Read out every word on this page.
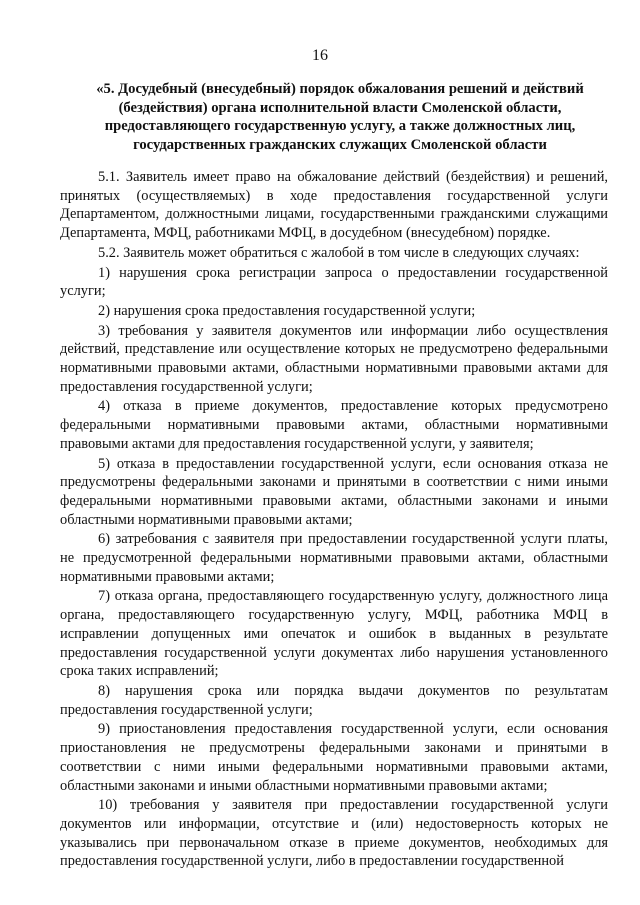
16
«5. Досудебный (внесудебный) порядок обжалования решений и действий
(бездействия) органа исполнительной власти Смоленской области,
предоставляющего государственную услугу, а также должностных лиц,
государственных гражданских служащих Смоленской области

5.1. Заявитель имеет право на обжалование действий (бездействия) и решений, принятых (осуществляемых) в ходе предоставления государственной услуги Департаментом, должностными лицами, государственными гражданскими служащими Департамента, МФЦ, работниками МФЦ, в досудебном (внесудебном) порядке.

5.2. Заявитель может обратиться с жалобой в том числе в следующих случаях:

1) нарушения срока регистрации запроса о предоставлении государственной услуги;

2) нарушения срока предоставления государственной услуги;

3) требования у заявителя документов или информации либо осуществления действий, представление или осуществление которых не предусмотрено федеральными нормативными правовыми актами, областными нормативными правовыми актами для предоставления государственной услуги;

4) отказа в приеме документов, предоставление которых предусмотрено федеральными нормативными правовыми актами, областными нормативными правовыми актами для предоставления государственной услуги, у заявителя;

5) отказа в предоставлении государственной услуги, если основания отказа не предусмотрены федеральными законами и принятыми в соответствии с ними иными федеральными нормативными правовыми актами, областными законами и иными областными нормативными правовыми актами;

6) затребования с заявителя при предоставлении государственной услуги платы, не предусмотренной федеральными нормативными правовыми актами, областными нормативными правовыми актами;

7) отказа органа, предоставляющего государственную услугу, должностного лица органа, предоставляющего государственную услугу, МФЦ, работника МФЦ в исправлении допущенных ими опечаток и ошибок в выданных в результате предоставления государственной услуги документах либо нарушения установленного срока таких исправлений;

8) нарушения срока или порядка выдачи документов по результатам предоставления государственной услуги;

9) приостановления предоставления государственной услуги, если основания приостановления не предусмотрены федеральными законами и принятыми в соответствии с ними иными федеральными нормативными правовыми актами, областными законами и иными областными нормативными правовыми актами;

10) требования у заявителя при предоставлении государственной услуги документов или информации, отсутствие и (или) недостоверность которых не указывались при первоначальном отказе в приеме документов, необходимых для предоставления государственной услуги, либо в предоставлении государственной
